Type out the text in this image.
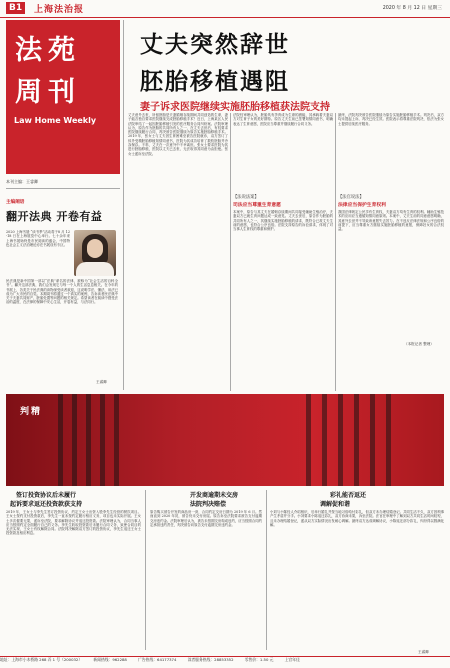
B1	上海法治报	2020 年 8 月 12 日 星期三
法苑
周刊
Law Home Weekly
本刊主编：王睿卿
主编阐语
翻开法典 开卷有益
2020 上海书展·“读书季”活动将于8 月 12-18 日在上海展览中心举行。七十余年来上海书展始终是市民阅读的盛会，中国特色社会主义法治理论亦在书展设有专区。
民法典是新中国第一部以“法典”命名的法律，被称为“社会生活的百科全书”。翻开这部法典，我们会发现它与每一个人的生活息息相关。在今年的书展上，各类关于民法典的读物深受读者欢迎，这说明学法、懂法、用法已成为广大市民的自觉。本期周刊将通过一个真实的案例，告诉读者民法典中关于夫妻共同财产、胚胎处置等问题的相关规定。希望读者在阅读中感受法治的温度，在法律的保障中安心生活，开卷有益，与法同行。
王睿卿
丈夫突然辞世
胚胎移植遇阻
妻子诉求医院继续实施胚胎移植获法院支持
丈夫意外去世，所留胚胎是夫妻婚姻存续期间共同创造的生命，妻子能否独自要求医院继续完成胚胎移植手术？近日，上海某区人民法院审结了一起因胚胎移植引发的医疗服务合同纠纷案。法院审理认为，原告作为胚胎的共同所有人之一，在丈夫去世后，有权要求医院继续履行合同，判决被告医院继续为原告实施胚胎移植手术。2019 年，张女士与丈夫因生育困难至被告医院就诊，双方签订了体外受精胚胎移植知情同意书，医院为其成功培育了数枚胚胎并冷冻保存。不料，丈夫在一次意外中不幸离世。张女士要求医院为其进行胚胎移植，医院以丈夫已去世、无法取得其同意为由拒绝。张女士遂诉至法院。
法院经审理认为，胚胎具有孕育成为生命的潜能，其承载着夫妻双方对生育子女的美好期待。原告丈夫生前已签署知情同意书，明确表达了生育意愿，医院应当尊重并继续履行合同义务。
【法说法案】
司法应当尊重生育意愿
本案中，原告与其丈夫在婚姻存续期间共同接受辅助生殖治疗，夫妻双方已就生育问题达成一致意见。丈夫去世后，原告作为胚胎的共同所有人之一，其继续实施胚胎移植的请求，既符合已故丈夫生前的意愿，也符合公序良俗。法院支持原告的诉讼请求，体现了对当事人生育权的尊重和保护。
最终，法院判决被告医院继续为原告实施胚胎移植手术。判决后，双方均未提起上诉，判决已经生效。医院表示将尊重法院判决，依法为张女士提供后续医疗服务。
【法官说法】
法律应当保护生育权利
我国法律规定公民享有生育权，夫妻双方均有生育的权利。辅助生殖技术的应用应当遵循知情同意原则。本案中，丈夫生前的同意意愿明确，其意外去世并不导致该意愿失去效力。在不违反法律法规和公序良俗的前提下，应当尊重女方继续实施胚胎移植的意愿，保障妇女的合法权益。
（本报记者 整理）
判精
签订投资协议后未履行
起诉要求返还投资款获支持
2019 年，王女士与李先生签订投资协议，约定王女士出资入股李先生经营的餐饮项目。王女士按约支付投资款后，李先生一直未按约定履行相应义务，项目也未实际开展。王女士多次催要无果，遂诉至法院，要求解除协议并返还投资款。法院审理认为，合同当事人应当按照约定全面履行自己的义务。李先生收取投资款后未履行合同义务，致使合同目的无法实现，王女士有权解除合同。法院判决解除双方签订的投资协议，李先生返还王女士投资款及相应利息。
开发商逾期未交房
法院判决赔偿
原告购买被告开发的商品房一套，合同约定交房日期为 2019 年 6 月。然而直到 2020 年初，被告仍未交付房屋。原告诉至法院要求被告支付逾期交房违约金。法院审理后认为，被告未按期交房构成违约，应当按照合同约定承担违约责任，判决被告向原告支付逾期交房违约金。
彩礼能否返还
调解促和谐
小刘与小陈经人介绍相识，后举行婚礼并按当地习俗给付彩礼，但双方未办理结婚登记。共同生活不久，双方因琐事产生矛盾并分手。小刘要求小陈返还彩礼，双方协商未果，诉至法院。法官在审理中了解到双方共同生活时间较短，且未办理结婚登记，遂从双方实际情况出发耐心调解。最终双方达成调解协议，小陈返还部分彩礼，纠纷得以圆满化解。
王睿卿
地址：上海市小木桥路 268 弄 1 号（200032）	新闻热线：962288	广告热线：64177374	读者服务热线：28853352	零售价：1.50 元	上官年佳
